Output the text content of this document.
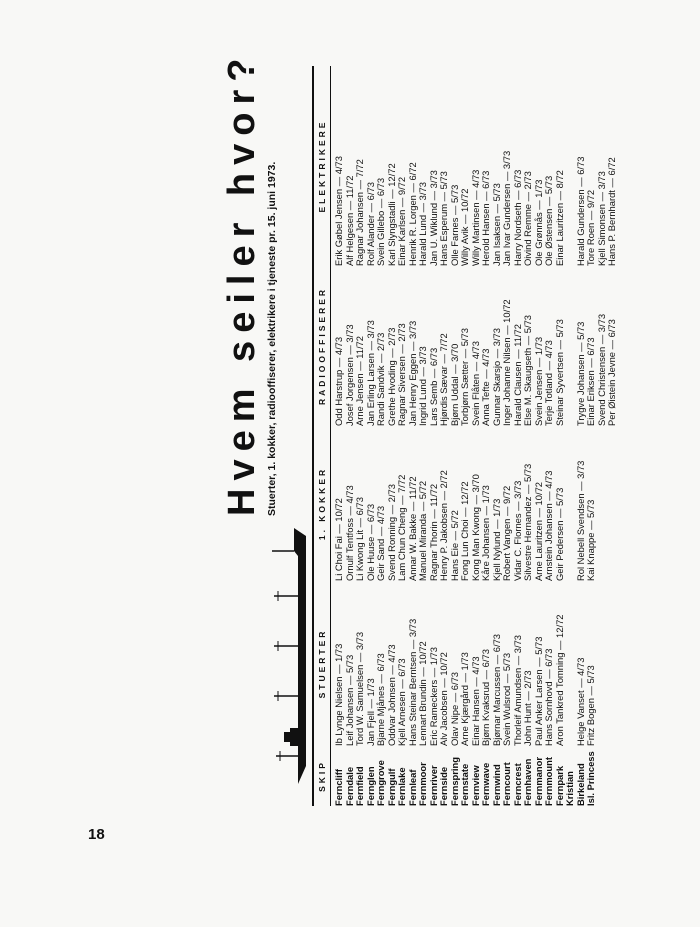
18
Hvem seiler hvor? Stuerter, 1. kokker, radiooffiserer, elektrikere i tjeneste pr. 15. juni 1973.
SKIP
STUERTER
1. KOKKER
RADIOOFFISERER
ELEKTRIKERE
Ferncliff Ferndale Fernfield Fernglen Ferngrove Ferngulf Fernlake Fernleaf Fernmoor Fernriver Fernside Fernspring Fernstate Fernview Fernwave Fernwind Ferncourt Ferncrest Fernhaven Fernmanor Fernmount Fernpark Kristian Birkeland Isl. Princess
Ib Lynge Nielsen — 1/73 Leif Johansen — 5/73 Tord W. Samuelsen — 3/73 Jan Fjell — 1/73 Bjarne Mjånes — 6/73 Oddvar Johnsen — 4/73 Kjell Arnesen — 6/73 Hans Steinar Berntsen — 3/73 Lennart Brundin — 10/72 Eric Rameckers — 1/73 Alv Jacobsen — 10/72 Olav Nipe — 6/73 Arne Kjærgård — 1/73 Einar Hansen — 4/73 Bjørn Kvaksrud — 6/73 Bjørnar Marcussen — 6/73 Svein Wulsrod — 5/73 Thorleif Amundsen — 3/73 John Hunt — 2/73 Paul Anker Larsen — 5/73 Hans Sornhovd — 6/73 Aron Tankred Tomning — 12/72 Helge Vanset — 4/73 Fritz Bogen — 5/73
Li Choi Fai — 10/72 Ornulf Tentfoss — 4/73 Li Kwong Lit — 6/73 Ole Huuse — 6/73 Geir Sand — 4/73 Svend Ronning — 2/73 Lam Chun Cheng — 7/72 Annar W. Bakke — 11/72 Manuel Miranda — 5/72 Ragnar Thorin — 11/72 Henry P. Jakobsen — 2/72 Hans Eie — 5/72 Fong Lun Choi — 12/72 Kong Man Kwong — 3/70 Kåre Johansen — 1/73 Kjell Nylund — 1/73 Robert Vangen — 9/72 Vidar C. Flornes — 3/73 Silvestre Hernandez — 5/73 Arne Lauritzen — 10/72 Arnstein Johansen — 4/73 Geir Pedersen — 5/73 Rol Nebell Svendsen — 3/73 Kai Knappe — 5/73
Odd Harstrup — 4/73 Josef Jorgensen — 3/73 Arne Jensen — 11/72 Jan Erling Larsen — 3/73 Randi Sandvik — 2/73 Grethe Hvoding — 2/73 Ragnar Siversen — 2/73 Jan Henry Eggen — 3/73 Ingrid Lund — 3/73 Lars Semb — 6/73 Hjørdis Sævar — 7/72 Bjørn Uddal — 3/70 Torbjørn Sætter — 5/73 Svein Flåten — 4/73 Anna Tefte — 4/73 Gunnar Skarsjo — 3/73 Inger Johanne Nilsen — 10/72 Harald Clausen — 11/72 Else M. Skaugseth — 5/73 Svein Jensen — 1/73 Terje Totland — 4/73 Steinar Syvertsen — 5/73 Trygve Johansen — 5/73 Einar Eriksen — 6/73 Svend Christensen — 3/73 Per Øistein Jevne — 6/73
Erik Gøbel Jensen — 4/73 Alf Helgesen — 11/72 Ragnar Johansen — 7/72 Rolf Alander — 6/73 Svein Gillebo — 6/73 Karl Slyngstadli — 12/72 Einar Karlsen — 9/72 Henrik R. Lorgen — 6/72 Harald Lund — 3/73 Jan U. Wiklund — 3/73 Hans Esperum — 5/73 Olle Farnes — 5/73 Willy Avik — 10/72 Willy Martinsen — 4/73 Herold Hansen — 6/73 Jan Isaksen — 5/73 Jan Ivar Gundersen — 3/73 Harry Nordseth — 6/73 Oivind Remme — 2/73 Ole Grønnås — 1/73 Ole Østensen — 5/73 Einar Lauritzen — 8/72 Harald Gundersen — 6/73 Tore Roen — 9/72 Kjell Simonsen — 3/73 Hans P. Bernhardt — 6/72
